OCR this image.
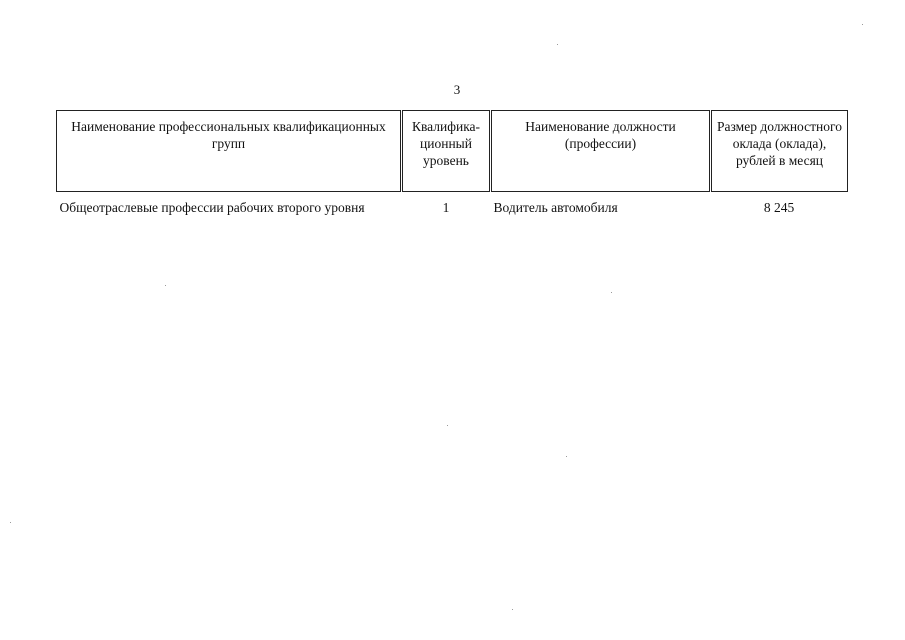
3
Наименование профессиональных квалификационных групп	Квалифика-ционный уровень	Наименование должности (профессии)	Размер должностного оклада (оклада), рублей в месяц
Общеотраслевые профессии рабочих второго уровня	1	Водитель автомобиля	8 245
